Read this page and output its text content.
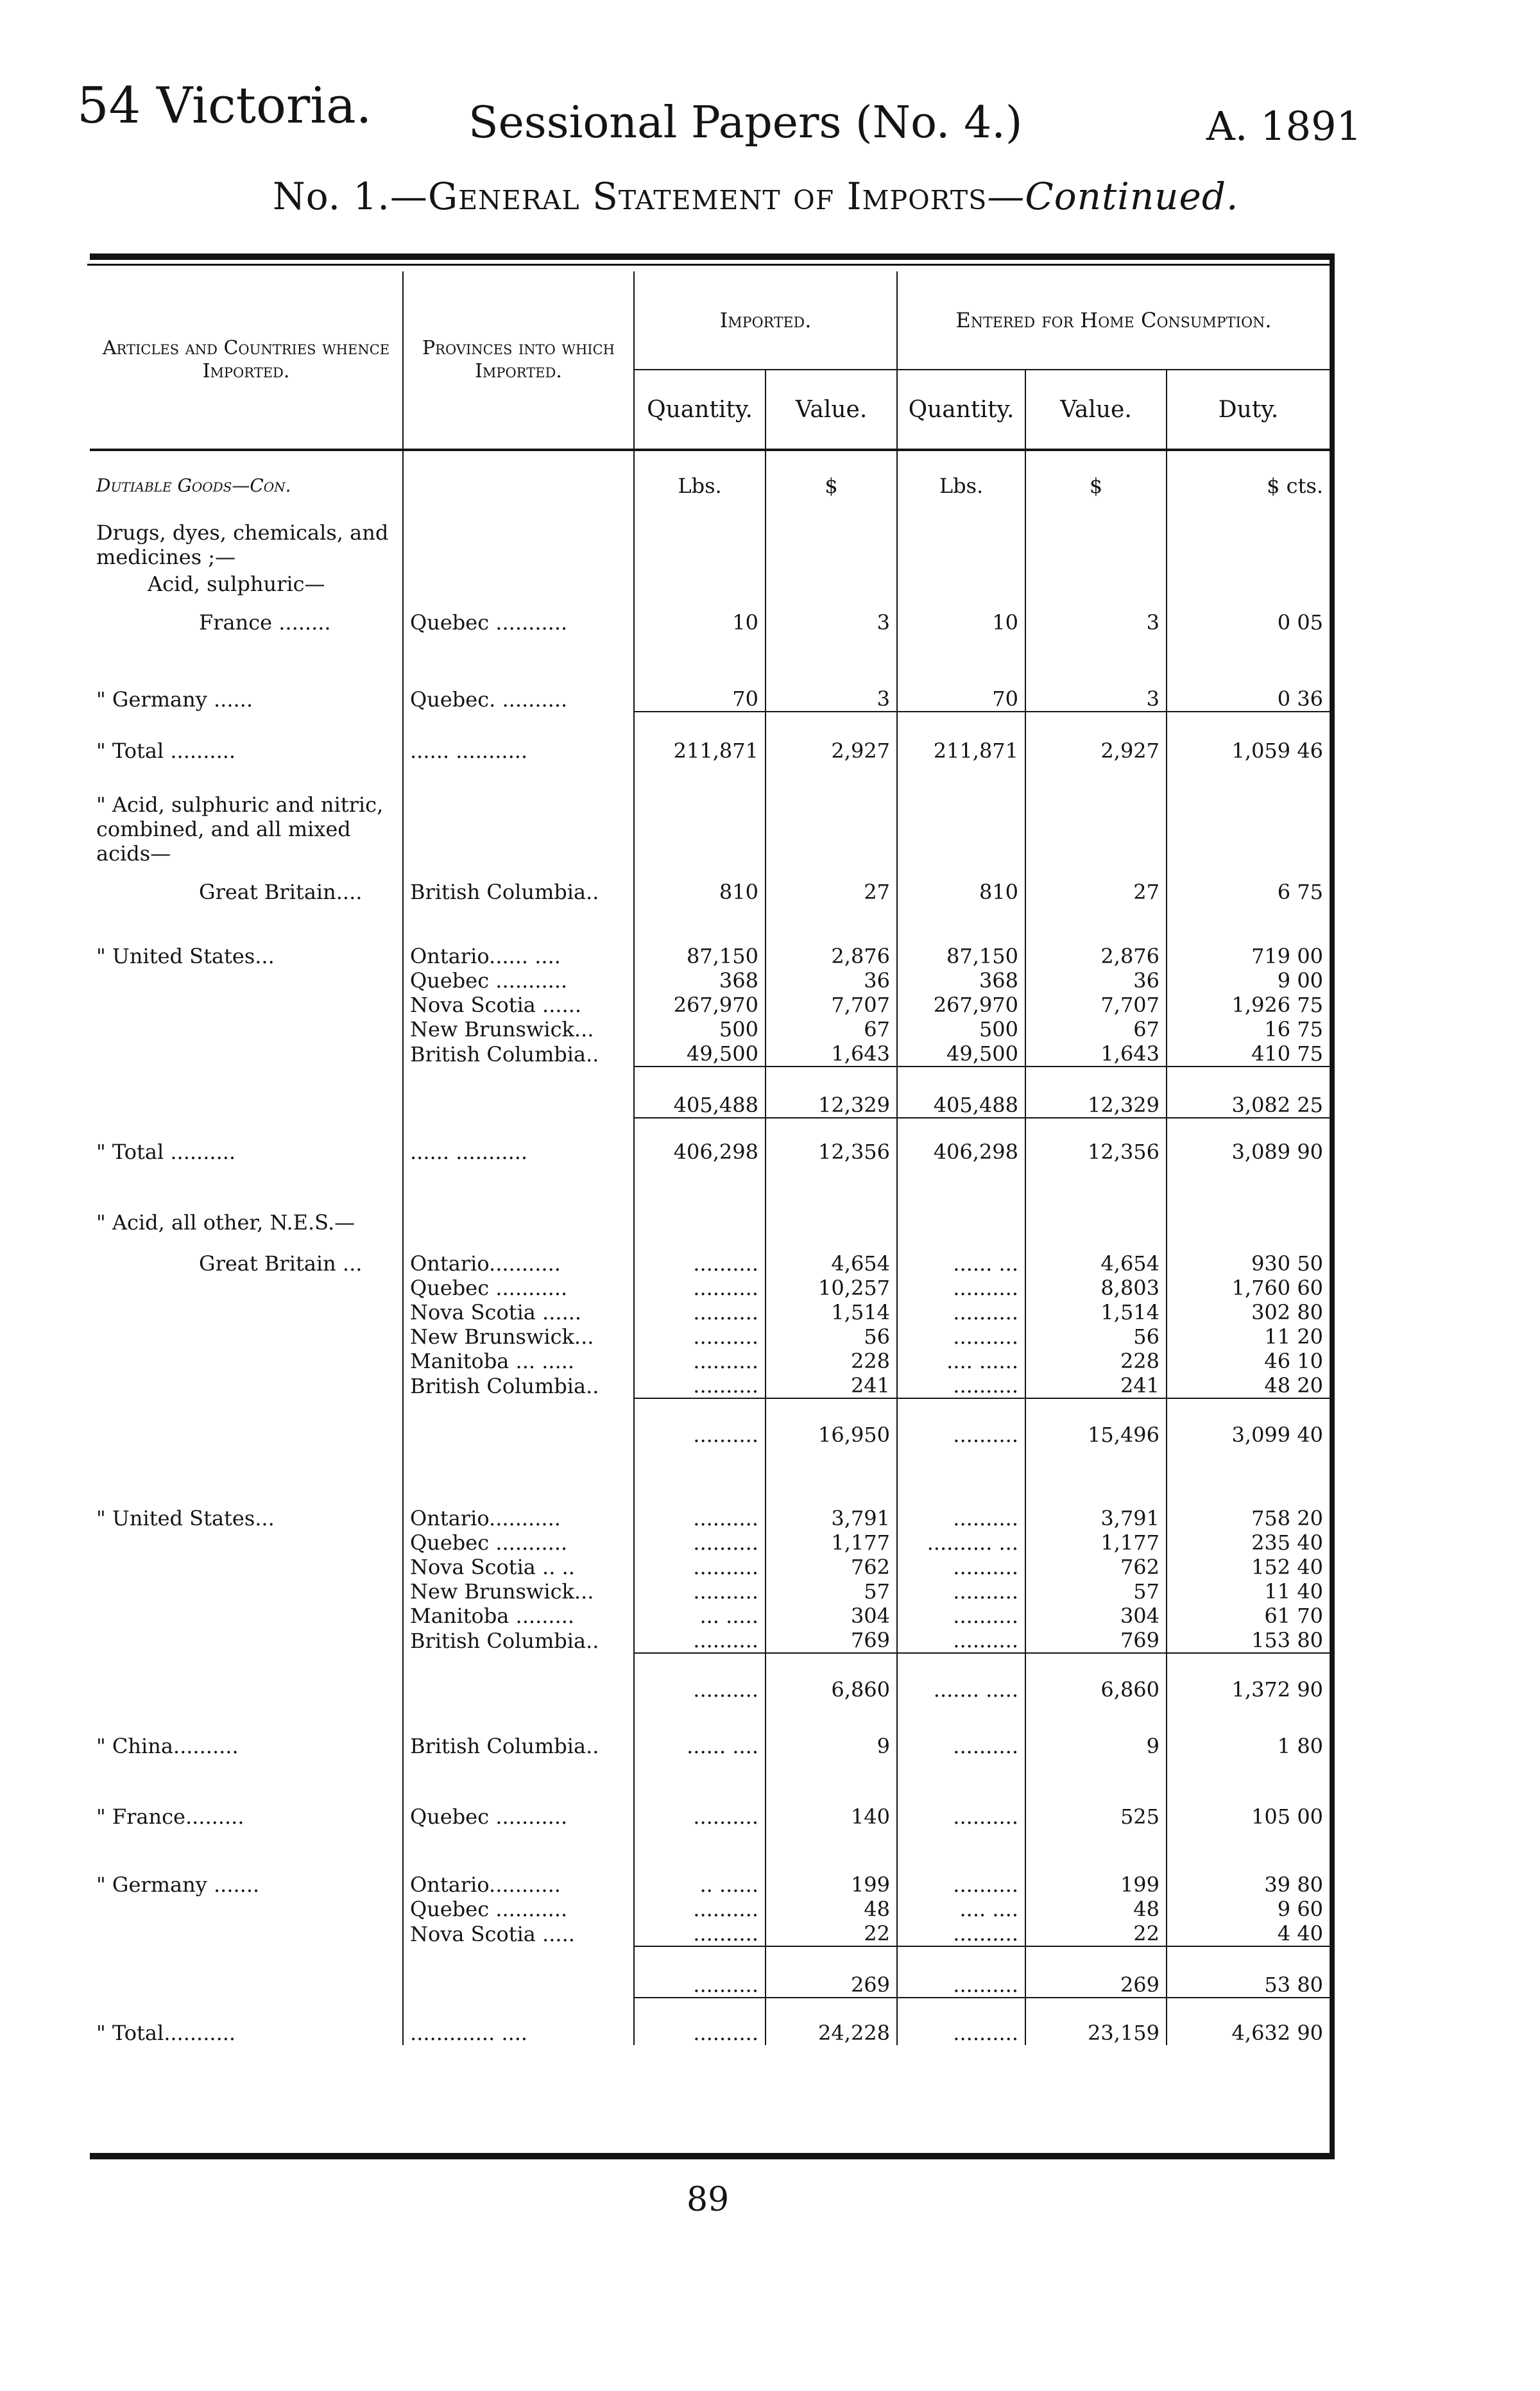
54 Victoria. Sessional Papers (No. 4.)	A. 1891
No. 1.—General Statement of Imports—Continued.
Articles and Countries whence Imported.	Provinces into which Imported.	Imported.		Entered for Home Consumption.		
		Quantity.	Value.	Quantity.	Value.	Duty.
Dutiable Goods—Con.		Lbs.	$	Lbs.	$	$ cts.
Drugs, dyes, chemicals, and medicines ;—						
Acid, sulphuric—						
France ........	Quebec ...........	10	3	10	3	0 05
" Germany ......	Quebec. ..........	70	3	70	3	0 36
" Total ..........	...... ...........	211,871	2,927	211,871	2,927	1,059 46
" Acid, sulphuric and nitric, combined, and all mixed acids—						
Great Britain....	British Columbia..	810	27	810	27	6 75
" United States...	Ontario...... ....	87,150	2,876	87,150	2,876	719 00
	Quebec ...........	368	36	368	36	9 00
	Nova Scotia ......	267,970	7,707	267,970	7,707	1,926 75
	New Brunswick...	500	67	500	67	16 75
	British Columbia..	49,500	1,643	49,500	1,643	410 75
		405,488	12,329	405,488	12,329	3,082 25
" Total ..........	...... ...........	406,298	12,356	406,298	12,356	3,089 90
" Acid, all other, N.E.S.—						
Great Britain ...	Ontario...........	..........	4,654	...... ...	4,654	930 50
	Quebec ...........	..........	10,257	..........	8,803	1,760 60
	Nova Scotia ......	..........	1,514	..........	1,514	302 80
	New Brunswick...	..........	56	..........	56	11 20
	Manitoba ... .....	..........	228	.... ......	228	46 10
	British Columbia..	..........	241	..........	241	48 20
		..........	16,950	..........	15,496	3,099 40
" United States...	Ontario...........	..........	3,791	..........	3,791	758 20
	Quebec ...........	..........	1,177	.......... ...	1,177	235 40
	Nova Scotia .. ..	..........	762	..........	762	152 40
	New Brunswick...	..........	57	..........	57	11 40
	Manitoba .........	... .....	304	..........	304	61 70
	British Columbia..	..........	769	..........	769	153 80
		..........	6,860	....... .....	6,860	1,372 90
" China..........	British Columbia..	...... ....	9	..........	9	1 80
" France.........	Quebec ...........	..........	140	..........	525	105 00
" Germany .......	Ontario...........	.. ......	199	..........	199	39 80
	Quebec ...........	..........	48	.... ....	48	9 60
	Nova Scotia .....	..........	22	..........	22	4 40
		..........	269	..........	269	53 80
" Total...........	............. ....	..........	24,228	..........	23,159	4,632 90
89
